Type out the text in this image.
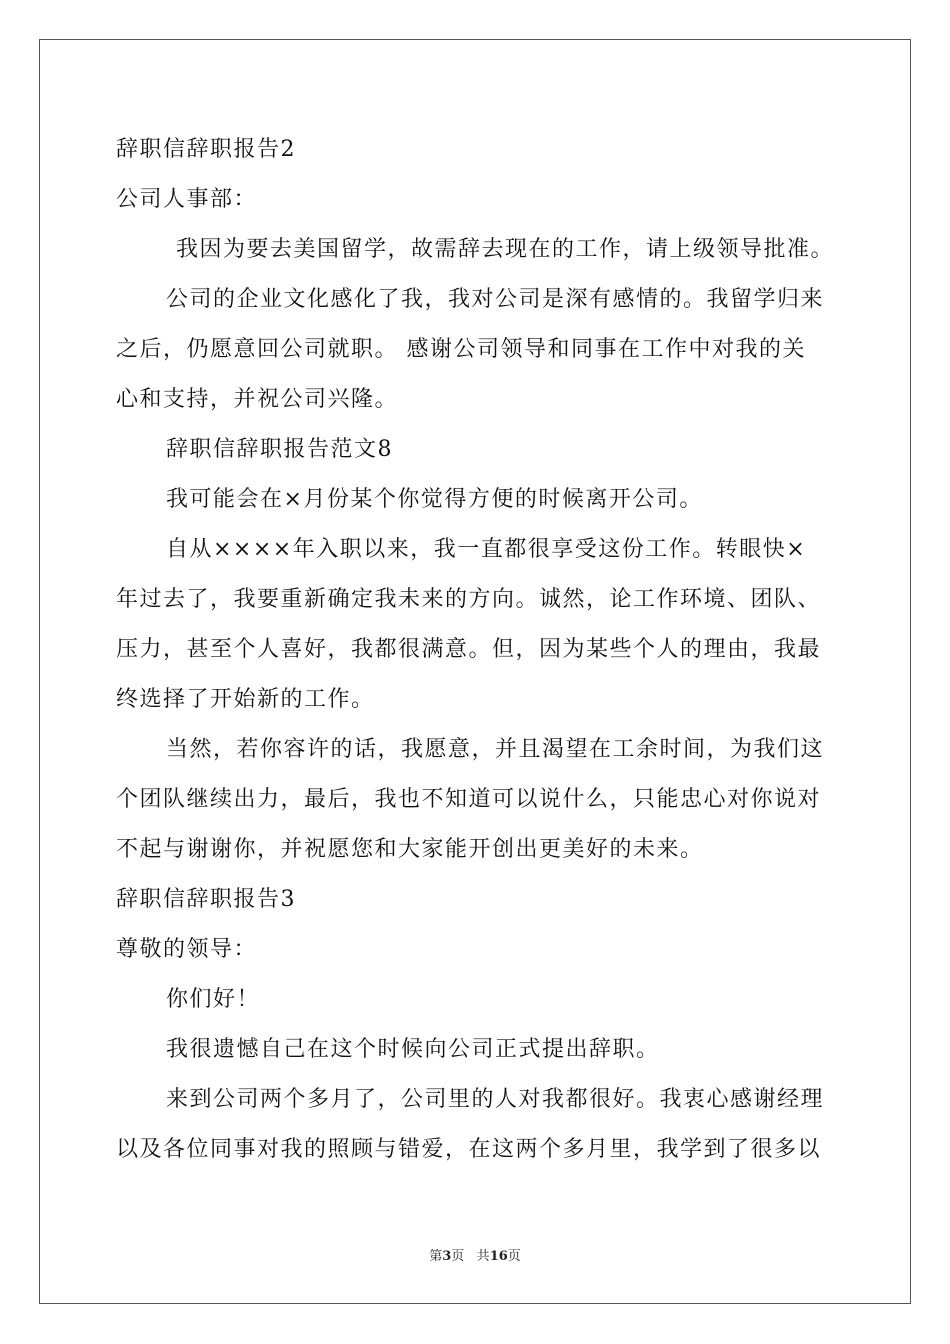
辞职信辞职报告2
公司人事部：
我因为要去美国留学，故需辞去现在的工作，请上级领导批准。
公司的企业文化感化了我，我对公司是深有感情的。我留学归来
之后，仍愿意回公司就职。 感谢公司领导和同事在工作中对我的关
心和支持，并祝公司兴隆。
辞职信辞职报告范文8
我可能会在×月份某个你觉得方便的时候离开公司。
自从××××年入职以来，我一直都很享受这份工作。转眼快×
年过去了，我要重新确定我未来的方向。诚然，论工作环境、团队、
压力，甚至个人喜好，我都很满意。但，因为某些个人的理由，我最
终选择了开始新的工作。
当然，若你容许的话，我愿意，并且渴望在工余时间，为我们这
个团队继续出力，最后，我也不知道可以说什么，只能忠心对你说对
不起与谢谢你，并祝愿您和大家能开创出更美好的未来。
辞职信辞职报告3
尊敬的领导：
你们好！
我很遗憾自己在这个时候向公司正式提出辞职。
来到公司两个多月了，公司里的人对我都很好。我衷心感谢经理
以及各位同事对我的照顾与错爱，在这两个多月里，我学到了很多以
第3页 共16页
